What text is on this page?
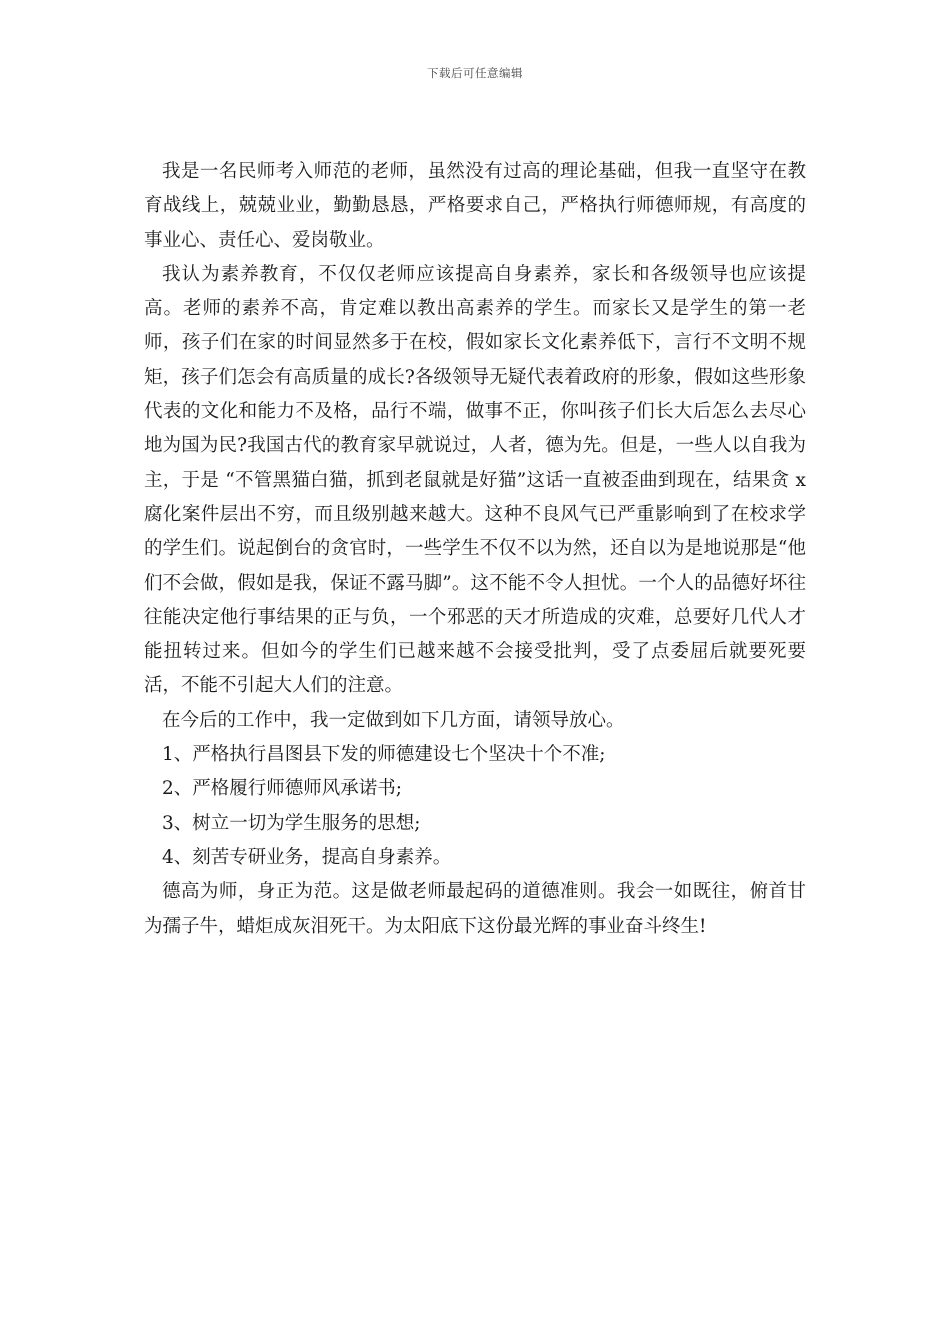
下载后可任意编辑

我是一名民师考入师范的老师，虽然没有过高的理论基础，但我一直坚守在教育战线上，兢兢业业，勤勤恳恳，严格要求自己，严格执行师德师规，有高度的事业心、责任心、爱岗敬业。

我认为素养教育，不仅仅老师应该提高自身素养，家长和各级领导也应该提高。老师的素养不高，肯定难以教出高素养的学生。而家长又是学生的第一老师，孩子们在家的时间显然多于在校，假如家长文化素养低下，言行不文明不规矩，孩子们怎会有高质量的成长?各级领导无疑代表着政府的形象，假如这些形象代表的文化和能力不及格，品行不端，做事不正，你叫孩子们长大后怎么去尽心地为国为民?我国古代的教育家早就说过，人者，德为先。但是，一些人以自我为主，于是 “不管黑猫白猫，抓到老鼠就是好猫”这话一直被歪曲到现在，结果贪 x 腐化案件层出不穷，而且级别越来越大。这种不良风气已严重影响到了在校求学的学生们。说起倒台的贪官时，一些学生不仅不以为然，还自以为是地说那是“他们不会做，假如是我，保证不露马脚”。这不能不令人担忧。一个人的品德好坏往往能决定他行事结果的正与负，一个邪恶的天才所造成的灾难，总要好几代人才能扭转过来。但如今的学生们已越来越不会接受批判，受了点委屈后就要死要活，不能不引起大人们的注意。

在今后的工作中，我一定做到如下几方面，请领导放心。

1、严格执行昌图县下发的师德建设七个坚决十个不准;

2、严格履行师德师风承诺书;

3、树立一切为学生服务的思想;

4、刻苦专研业务，提高自身素养。

德高为师，身正为范。这是做老师最起码的道德准则。我会一如既往，俯首甘为孺子牛，蜡炬成灰泪死干。为太阳底下这份最光辉的事业奋斗终生!
